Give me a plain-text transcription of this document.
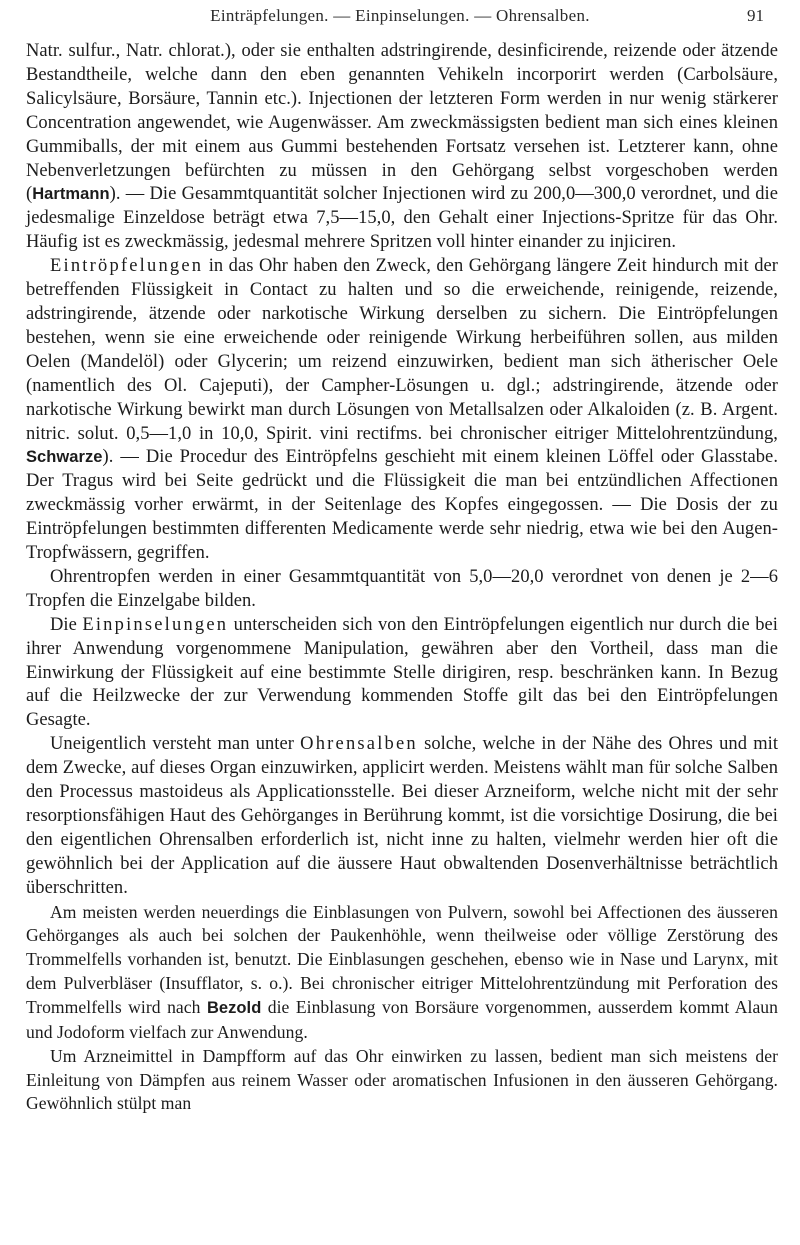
Einträpfelungen. — Einpinselungen. — Ohrensalben.	91

Natr. sulfur., Natr. chlorat.), oder sie enthalten adstringirende, desinficirende, reizende oder ätzende Bestandtheile, welche dann den eben genannten Vehikeln incorporirt werden (Carbolsäure, Salicylsäure, Borsäure, Tannin etc.). Injectionen der letzteren Form werden in nur wenig stärkerer Concentration angewendet, wie Augenwässer. Am zweckmässigsten bedient man sich eines kleinen Gummiballs, der mit einem aus Gummi bestehenden Fortsatz versehen ist. Letzterer kann, ohne Nebenverletzungen befürchten zu müssen in den Gehörgang selbst vorgeschoben werden (Hartmann). — Die Gesammtquantität solcher Injectionen wird zu 200,0—300,0 verordnet, und die jedesmalige Einzeldose beträgt etwa 7,5—15,0, den Gehalt einer Injections-Spritze für das Ohr. Häufig ist es zweckmässig, jedesmal mehrere Spritzen voll hinter einander zu injiciren.

Eintröpfelungen in das Ohr haben den Zweck, den Gehörgang längere Zeit hindurch mit der betreffenden Flüssigkeit in Contact zu halten und so die erweichende, reinigende, reizende, adstringirende, ätzende oder narkotische Wirkung derselben zu sichern. Die Eintröpfelungen bestehen, wenn sie eine erweichende oder reinigende Wirkung herbeiführen sollen, aus milden Oelen (Mandelöl) oder Glycerin; um reizend einzuwirken, bedient man sich ätherischer Oele (namentlich des Ol. Cajeputi), der Campher-Lösungen u. dgl.; adstringirende, ätzende oder narkotische Wirkung bewirkt man durch Lösungen von Metallsalzen oder Alkaloiden (z. B. Argent. nitric. solut. 0,5—1,0 in 10,0, Spirit. vini rectifms. bei chronischer eitriger Mittelohrentzündung, Schwarze). — Die Procedur des Eintröpfelns geschieht mit einem kleinen Löffel oder Glasstabe. Der Tragus wird bei Seite gedrückt und die Flüssigkeit die man bei entzündlichen Affectionen zweckmässig vorher erwärmt, in der Seitenlage des Kopfes eingegossen. — Die Dosis der zu Eintröpfelungen bestimmten differenten Medicamente werde sehr niedrig, etwa wie bei den Augen-Tropfwässern, gegriffen.

Ohrentropfen werden in einer Gesammtquantität von 5,0—20,0 verordnet von denen je 2—6 Tropfen die Einzelgabe bilden.

Die Einpinselungen unterscheiden sich von den Eintröpfelungen eigentlich nur durch die bei ihrer Anwendung vorgenommene Manipulation, gewähren aber den Vortheil, dass man die Einwirkung der Flüssigkeit auf eine bestimmte Stelle dirigiren, resp. beschränken kann. In Bezug auf die Heilzwecke der zur Verwendung kommenden Stoffe gilt das bei den Eintröpfelungen Gesagte.

Uneigentlich versteht man unter Ohrensalben solche, welche in der Nähe des Ohres und mit dem Zwecke, auf dieses Organ einzuwirken, applicirt werden. Meistens wählt man für solche Salben den Processus mastoideus als Applicationsstelle. Bei dieser Arzneiform, welche nicht mit der sehr resorptionsfähigen Haut des Gehörganges in Berührung kommt, ist die vorsichtige Dosirung, die bei den eigentlichen Ohrensalben erforderlich ist, nicht inne zu halten, vielmehr werden hier oft die gewöhnlich bei der Application auf die äussere Haut obwaltenden Dosenverhältnisse beträchtlich überschritten.

Am meisten werden neuerdings die Einblasungen von Pulvern, sowohl bei Affectionen des äusseren Gehörganges als auch bei solchen der Paukenhöhle, wenn theilweise oder völlige Zerstörung des Trommelfells vorhanden ist, benutzt. Die Einblasungen geschehen, ebenso wie in Nase und Larynx, mit dem Pulverbläser (Insufflator, s. o.). Bei chronischer eitriger Mittelohrentzündung mit Perforation des Trommelfells wird nach Bezold die Einblasung von Borsäure vorgenommen, ausserdem kommt Alaun und Jodoform vielfach zur Anwendung.

Um Arzneimittel in Dampfform auf das Ohr einwirken zu lassen, bedient man sich meistens der Einleitung von Dämpfen aus reinem Wasser oder aromatischen Infusionen in den äusseren Gehörgang. Gewöhnlich stülpt man
